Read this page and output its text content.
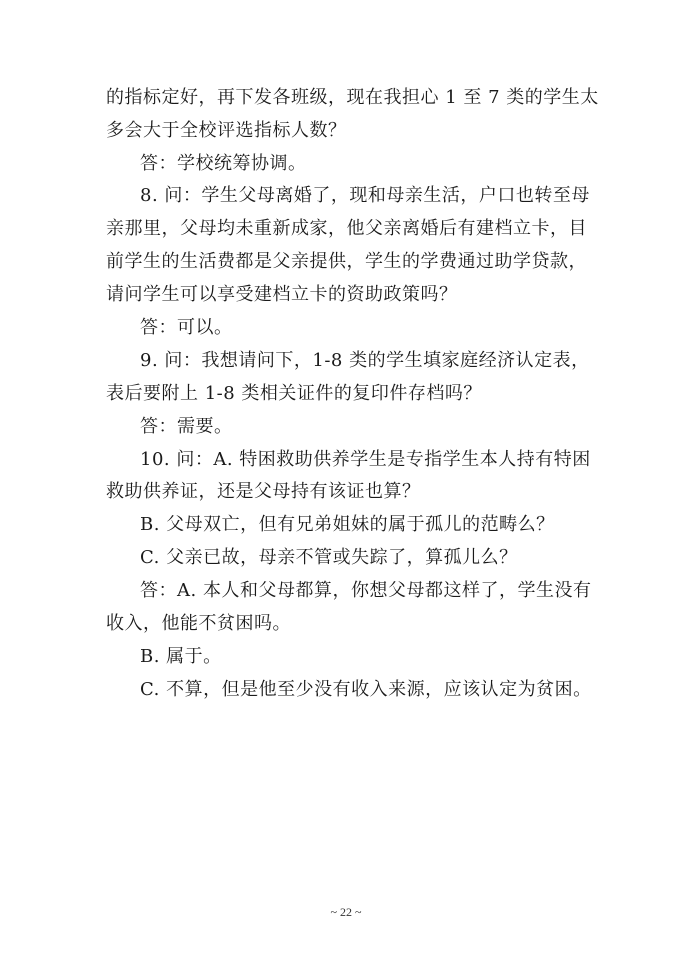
的指标定好，再下发各班级，现在我担心 1 至 7 类的学生太
多会大于全校评选指标人数？
答：学校统筹协调。
8. 问：学生父母离婚了，现和母亲生活，户口也转至母
亲那里，父母均未重新成家，他父亲离婚后有建档立卡，目
前学生的生活费都是父亲提供，学生的学费通过助学贷款，
请问学生可以享受建档立卡的资助政策吗？
答：可以。
9. 问：我想请问下，1-8 类的学生填家庭经济认定表，
表后要附上 1-8 类相关证件的复印件存档吗？
答：需要。
10. 问：A. 特困救助供养学生是专指学生本人持有特困
救助供养证，还是父母持有该证也算？
B. 父母双亡，但有兄弟姐妹的属于孤儿的范畴么？
C. 父亲已故，母亲不管或失踪了，算孤儿么？
答：A. 本人和父母都算，你想父母都这样了，学生没有
收入，他能不贫困吗。
B. 属于。
C. 不算，但是他至少没有收入来源，应该认定为贫困。
~ 22 ~
